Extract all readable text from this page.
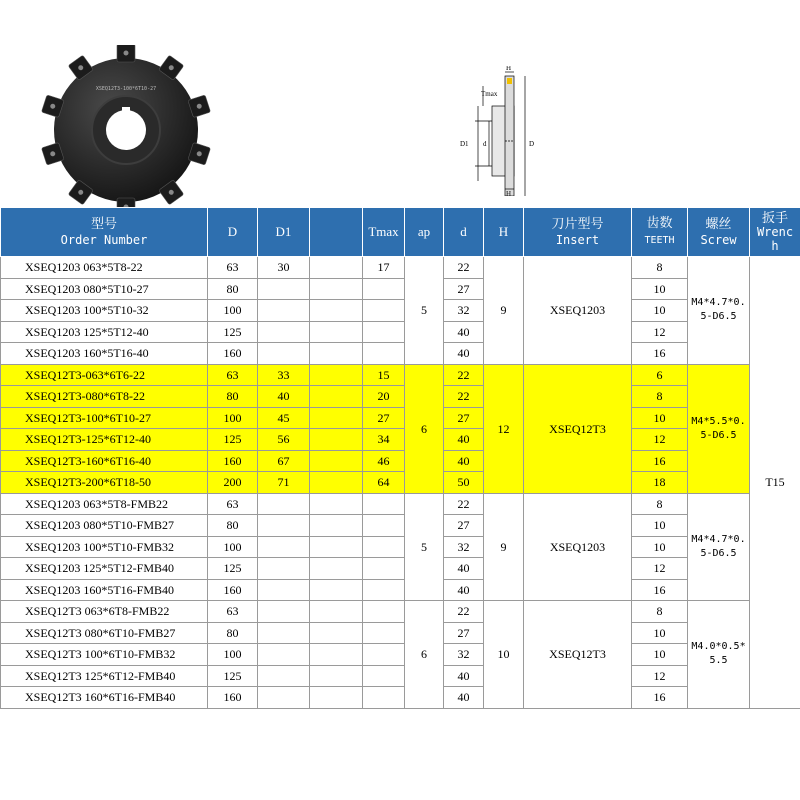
XSEQ12T3-100*6T10-27
H
Tmax
D1 d	D
H
型号
Order Number	D	D1		Tmax	ap	d	H	刀片型号
Insert	齿数
TEETH	螺丝
Screw	扳手
Wrenc
h
XSEQ1203 063*5T8-22	63	30		17	5	22	9	XSEQ1203	8	M4*4.7*0.
5-D6.5	T15
XSEQ1203 080*5T10-27	80					27			10		
XSEQ1203 100*5T10-32	100					32			10		
XSEQ1203 125*5T12-40	125					40			12		
XSEQ1203 160*5T16-40	160					40			16		
XSEQ12T3-063*6T6-22	63	33		15	6	22	12	XSEQ12T3	6	M4*5.5*0.
5-D6.5	
XSEQ12T3-080*6T8-22	80	40		20		22			8		
XSEQ12T3-100*6T10-27	100	45		27		27			10		
XSEQ12T3-125*6T12-40	125	56		34		40			12		
XSEQ12T3-160*6T16-40	160	67		46		40			16		
XSEQ12T3-200*6T18-50	200	71		64		50			18		
XSEQ1203 063*5T8-FMB22	63				5	22	9	XSEQ1203	8	M4*4.7*0.
5-D6.5	
XSEQ1203 080*5T10-FMB27	80					27			10		
XSEQ1203 100*5T10-FMB32	100					32			10		
XSEQ1203 125*5T12-FMB40	125					40			12		
XSEQ1203 160*5T16-FMB40	160					40			16		
XSEQ12T3 063*6T8-FMB22	63				6	22	10	XSEQ12T3	8	M4.0*0.5*
5.5	
XSEQ12T3 080*6T10-FMB27	80					27			10		
XSEQ12T3 100*6T10-FMB32	100					32			10		
XSEQ12T3 125*6T12-FMB40	125					40			12		
XSEQ12T3 160*6T16-FMB40	160					40			16		
